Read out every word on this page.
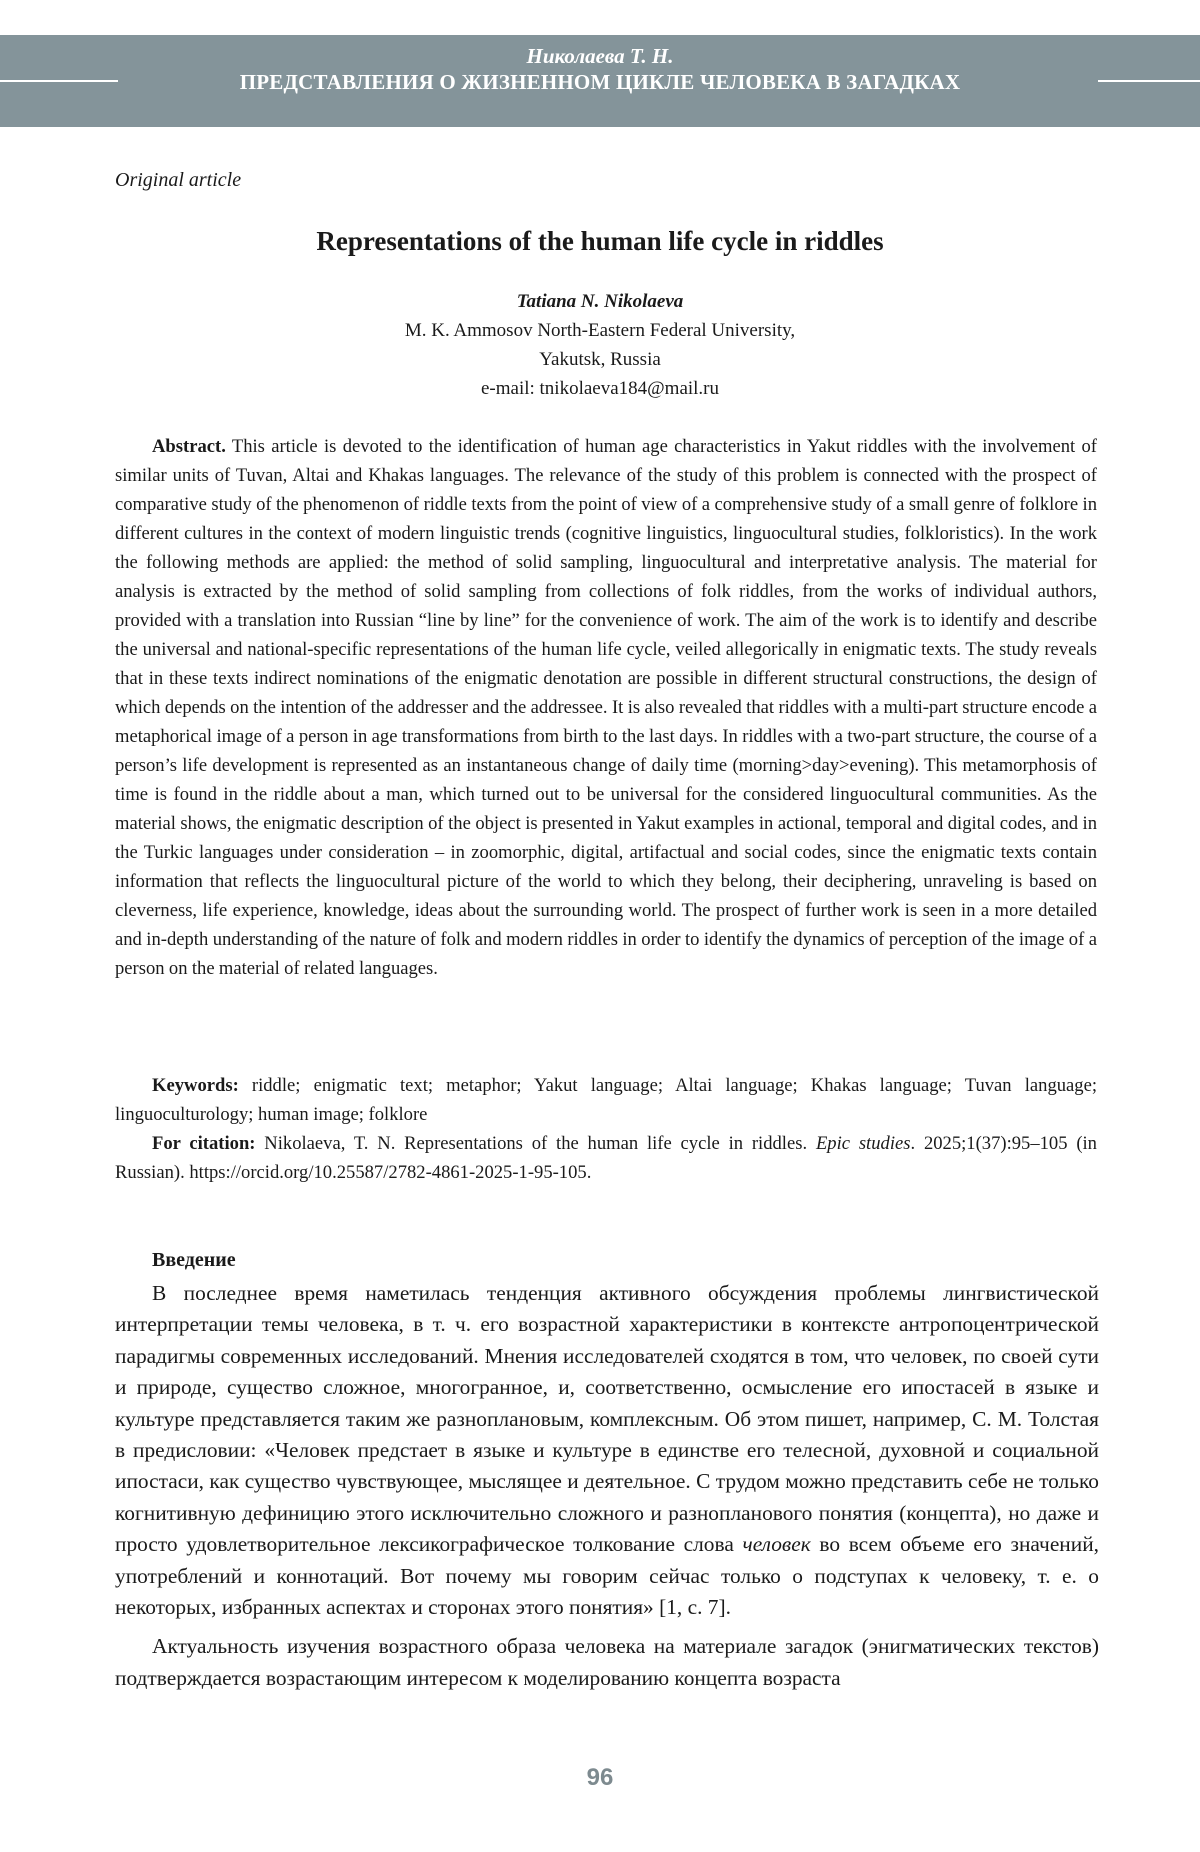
Николаева Т. Н.
ПРЕДСТАВЛЕНИЯ О ЖИЗНЕННОМ ЦИКЛЕ ЧЕЛОВЕКА В ЗАГАДКАХ
Original article
Representations of the human life cycle in riddles
Tatiana N. Nikolaeva
M. K. Ammosov North-Eastern Federal University,
Yakutsk, Russia
e-mail: tnikolaeva184@mail.ru

Abstract. This article is devoted to the identification of human age characteristics in Yakut riddles with the involvement of similar units of Tuvan, Altai and Khakas languages. The relevance of the study of this problem is connected with the prospect of comparative study of the phenomenon of riddle texts from the point of view of a comprehensive study of a small genre of folklore in different cultures in the context of modern linguistic trends (cognitive linguistics, linguocultural studies, folkloristics). In the work the following methods are applied: the method of solid sampling, linguocultural and interpretative analysis. The material for analysis is extracted by the method of solid sampling from collections of folk riddles, from the works of individual authors, provided with a translation into Russian “line by line” for the convenience of work. The aim of the work is to identify and describe the universal and national-specific representations of the human life cycle, veiled allegorically in enigmatic texts. The study reveals that in these texts indirect nominations of the enigmatic denotation are possible in different structural constructions, the design of which depends on the intention of the addresser and the addressee. It is also revealed that riddles with a multi-part structure encode a metaphorical image of a person in age transformations from birth to the last days. In riddles with a two-part structure, the course of a person’s life development is represented as an instantaneous change of daily time (morning>day>evening). This metamorphosis of time is found in the riddle about a man, which turned out to be universal for the considered linguocultural communities. As the material shows, the enigmatic description of the object is presented in Yakut examples in actional, temporal and digital codes, and in the Turkic languages under consideration – in zoomorphic, digital, artifactual and social codes, since the enigmatic texts contain information that reflects the linguocultural picture of the world to which they belong, their deciphering, unraveling is based on cleverness, life experience, knowledge, ideas about the surrounding world. The prospect of further work is seen in a more detailed and in-depth understanding of the nature of folk and modern riddles in order to identify the dynamics of perception of the image of a person on the material of related languages.

Keywords: riddle; enigmatic text; metaphor; Yakut language; Altai language; Khakas language; Tuvan language; linguoculturology; human image; folklore

For citation: Nikolaeva, T. N. Representations of the human life cycle in riddles. Epic studies. 2025;1(37):95–105 (in Russian). https://orcid.org/10.25587/2782-4861-2025-1-95-105.

Введение

В последнее время наметилась тенденция активного обсуждения проблемы лингвистической интерпретации темы человека, в т. ч. его возрастной характеристики в контексте антропоцентрической парадигмы современных исследований. Мнения исследователей сходятся в том, что человек, по своей сути и природе, существо сложное, многогранное, и, соответственно, осмысление его ипостасей в языке и культуре представляется таким же разноплановым, комплексным. Об этом пишет, например, С. М. Толстая в предисловии: «Человек предстает в языке и культуре в единстве его телесной, духовной и социальной ипостаси, как существо чувствующее, мыслящее и деятельное. С трудом можно представить себе не только когнитивную дефиницию этого исключительно сложного и разнопланового понятия (концепта), но даже и просто удовлетворительное лексикографическое толкование слова человек во всем объеме его значений, употреблений и коннотаций. Вот почему мы говорим сейчас только о подступах к человеку, т. е. о некоторых, избранных аспектах и сторонах этого понятия» [1, с. 7].

Актуальность изучения возрастного образа человека на материале загадок (энигматических текстов) подтверждается возрастающим интересом к моделированию концепта возраста

96
